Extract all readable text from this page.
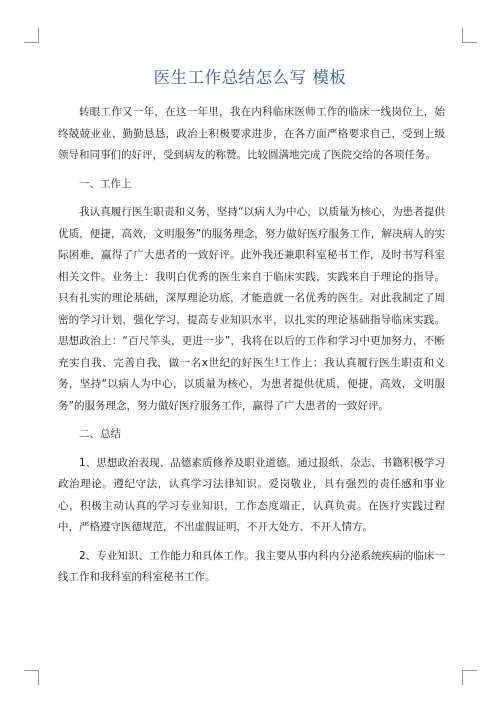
医生工作总结怎么写 模板

转眼工作又一年，在这一年里，我在内科临床医师工作的临床一线岗位上，始终兢兢业业、勤勤恳恳，政治上积极要求进步，在各方面严格要求自己，受到上级领导和同事们的好评，受到病友的称赞。比较圆满地完成了医院交给的各项任务。

一、工作上

我认真履行医生职责和义务，坚持“以病人为中心，以质量为核心，为患者提供优质，便捷，高效，文明服务”的服务理念，努力做好医疗服务工作，解决病人的实际困难，赢得了广大患者的一致好评。此外我还兼职科室秘书工作，及时书写科室相关文件。业务上：我明白优秀的医生来自于临床实践，实践来自于理论的指导。只有扎实的理论基础，深厚理论功底，才能造就一名优秀的医生。对此我制定了周密的学习计划，强化学习，提高专业知识水平，以扎实的理论基础指导临床实践。思想政治上：“百尺竿头，更进一步”，我将在以后的工作和学习中更加努力，不断充实自我、完善自我，做一名x世纪的好医生!工作上：我认真履行医生职责和义务，坚持“以病人为中心，以质量为核心，为患者提供优质，便捷，高效，文明服务”的服务理念，努力做好医疗服务工作，赢得了广大患者的一致好评。

二、总结

1、思想政治表现、品德素质修养及职业道德。通过报纸、杂志、书籍积极学习政治理论。遵纪守法，认真学习法律知识。爱岗敬业，具有强烈的责任感和事业心，积极主动认真的学习专业知识，工作态度端正，认真负责。在医疗实践过程中，严格遵守医德规范，不出虚假证明，不开大处方、不开人情方。

2、专业知识、工作能力和具体工作。我主要从事内科内分泌系统疾病的临床一线工作和我科室的科室秘书工作。
